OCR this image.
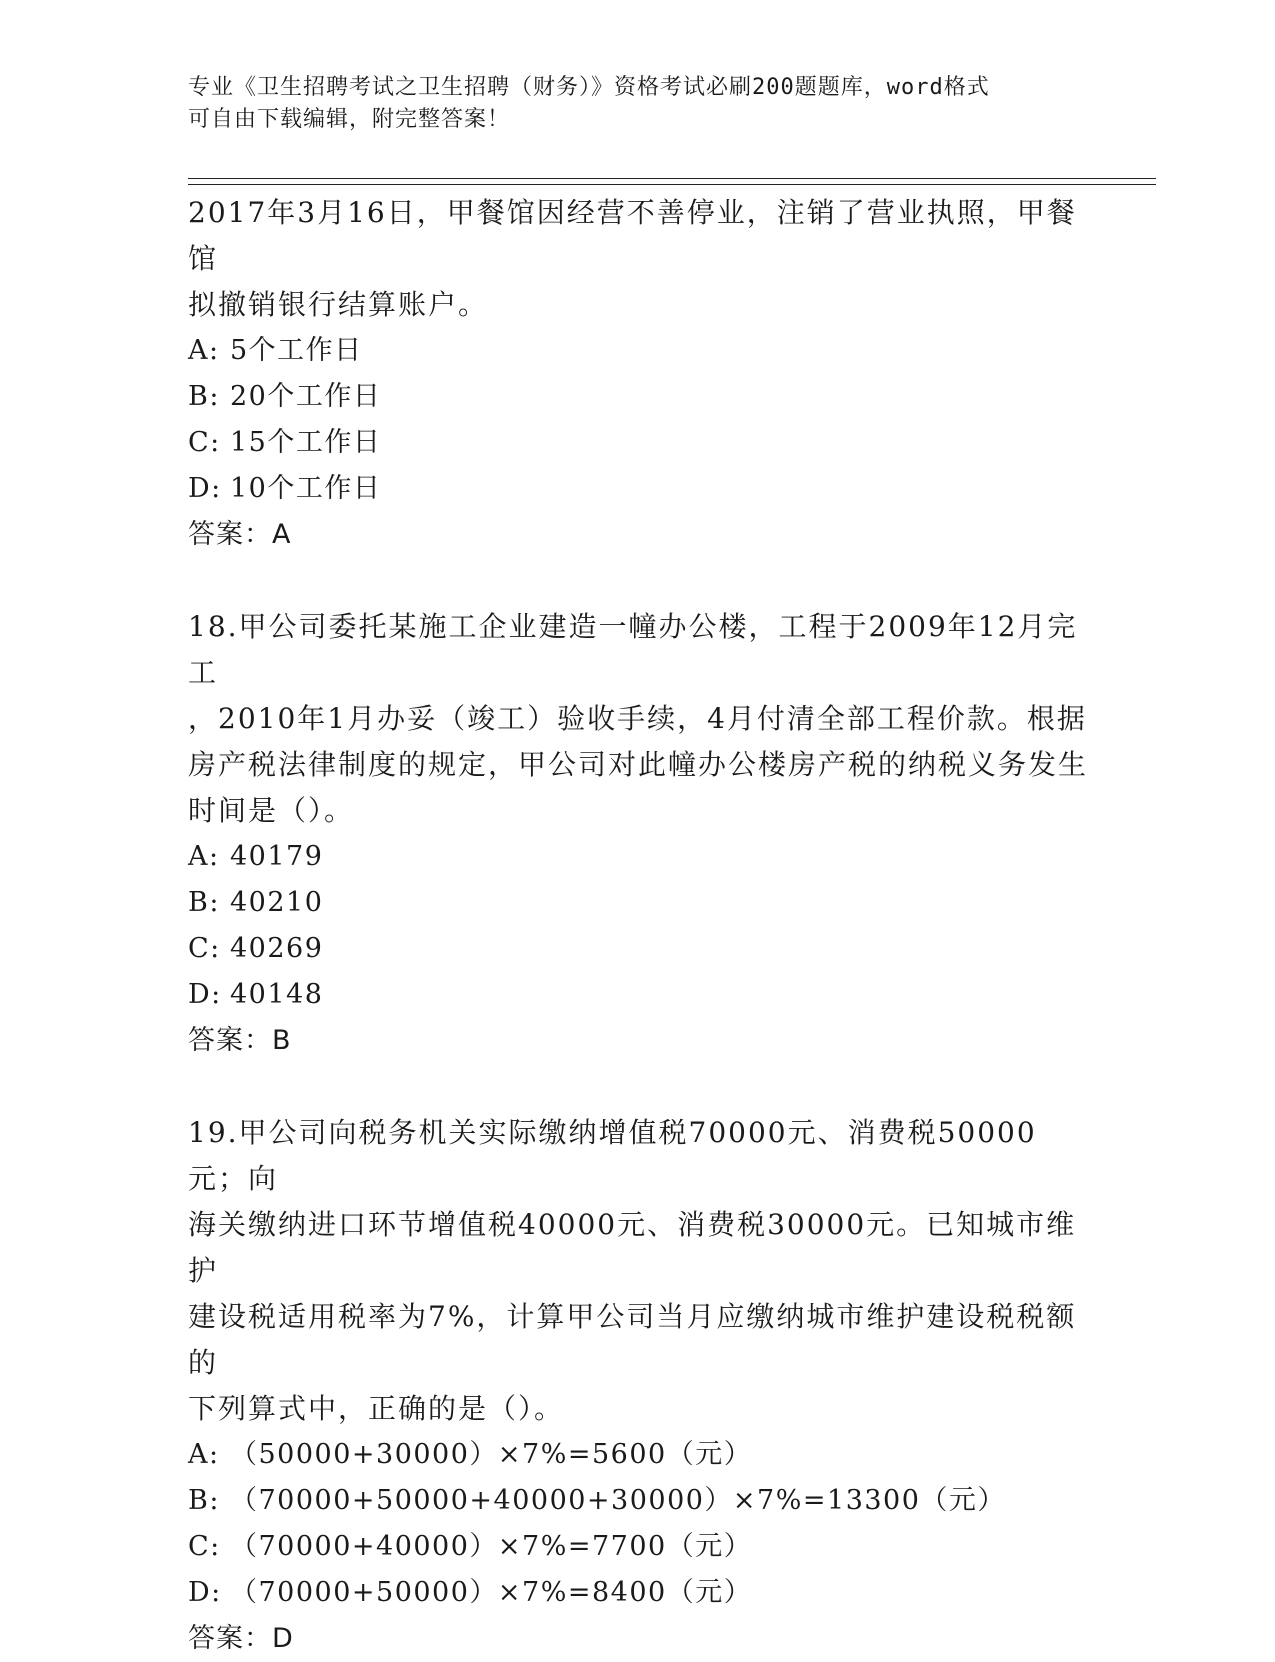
专业《卫生招聘考试之卫生招聘（财务）》资格考试必刷200题题库，word格式
可自由下载编辑，附完整答案！

2017年3月16日，甲餐馆因经营不善停业，注销了营业执照，甲餐馆

拟撤销银行结算账户。

A: 5个工作日

B: 20个工作日

C: 15个工作日

D: 10个工作日

答案：A

18.甲公司委托某施工企业建造一幢办公楼，工程于2009年12月完工

，2010年1月办妥（竣工）验收手续，4月付清全部工程价款。根据

房产税法律制度的规定，甲公司对此幢办公楼房产税的纳税义务发生

时间是（）。

A: 40179

B: 40210

C: 40269

D: 40148

答案：B

19.甲公司向税务机关实际缴纳增值税70000元、消费税50000元；向

海关缴纳进口环节增值税40000元、消费税30000元。已知城市维护

建设税适用税率为7%，计算甲公司当月应缴纳城市维护建设税税额的

下列算式中，正确的是（）。

A: （50000+30000）×7%=5600（元）

B: （70000+50000+40000+30000）×7%=13300（元）

C: （70000+40000）×7%=7700（元）

D: （70000+50000）×7%=8400（元）

答案：D
